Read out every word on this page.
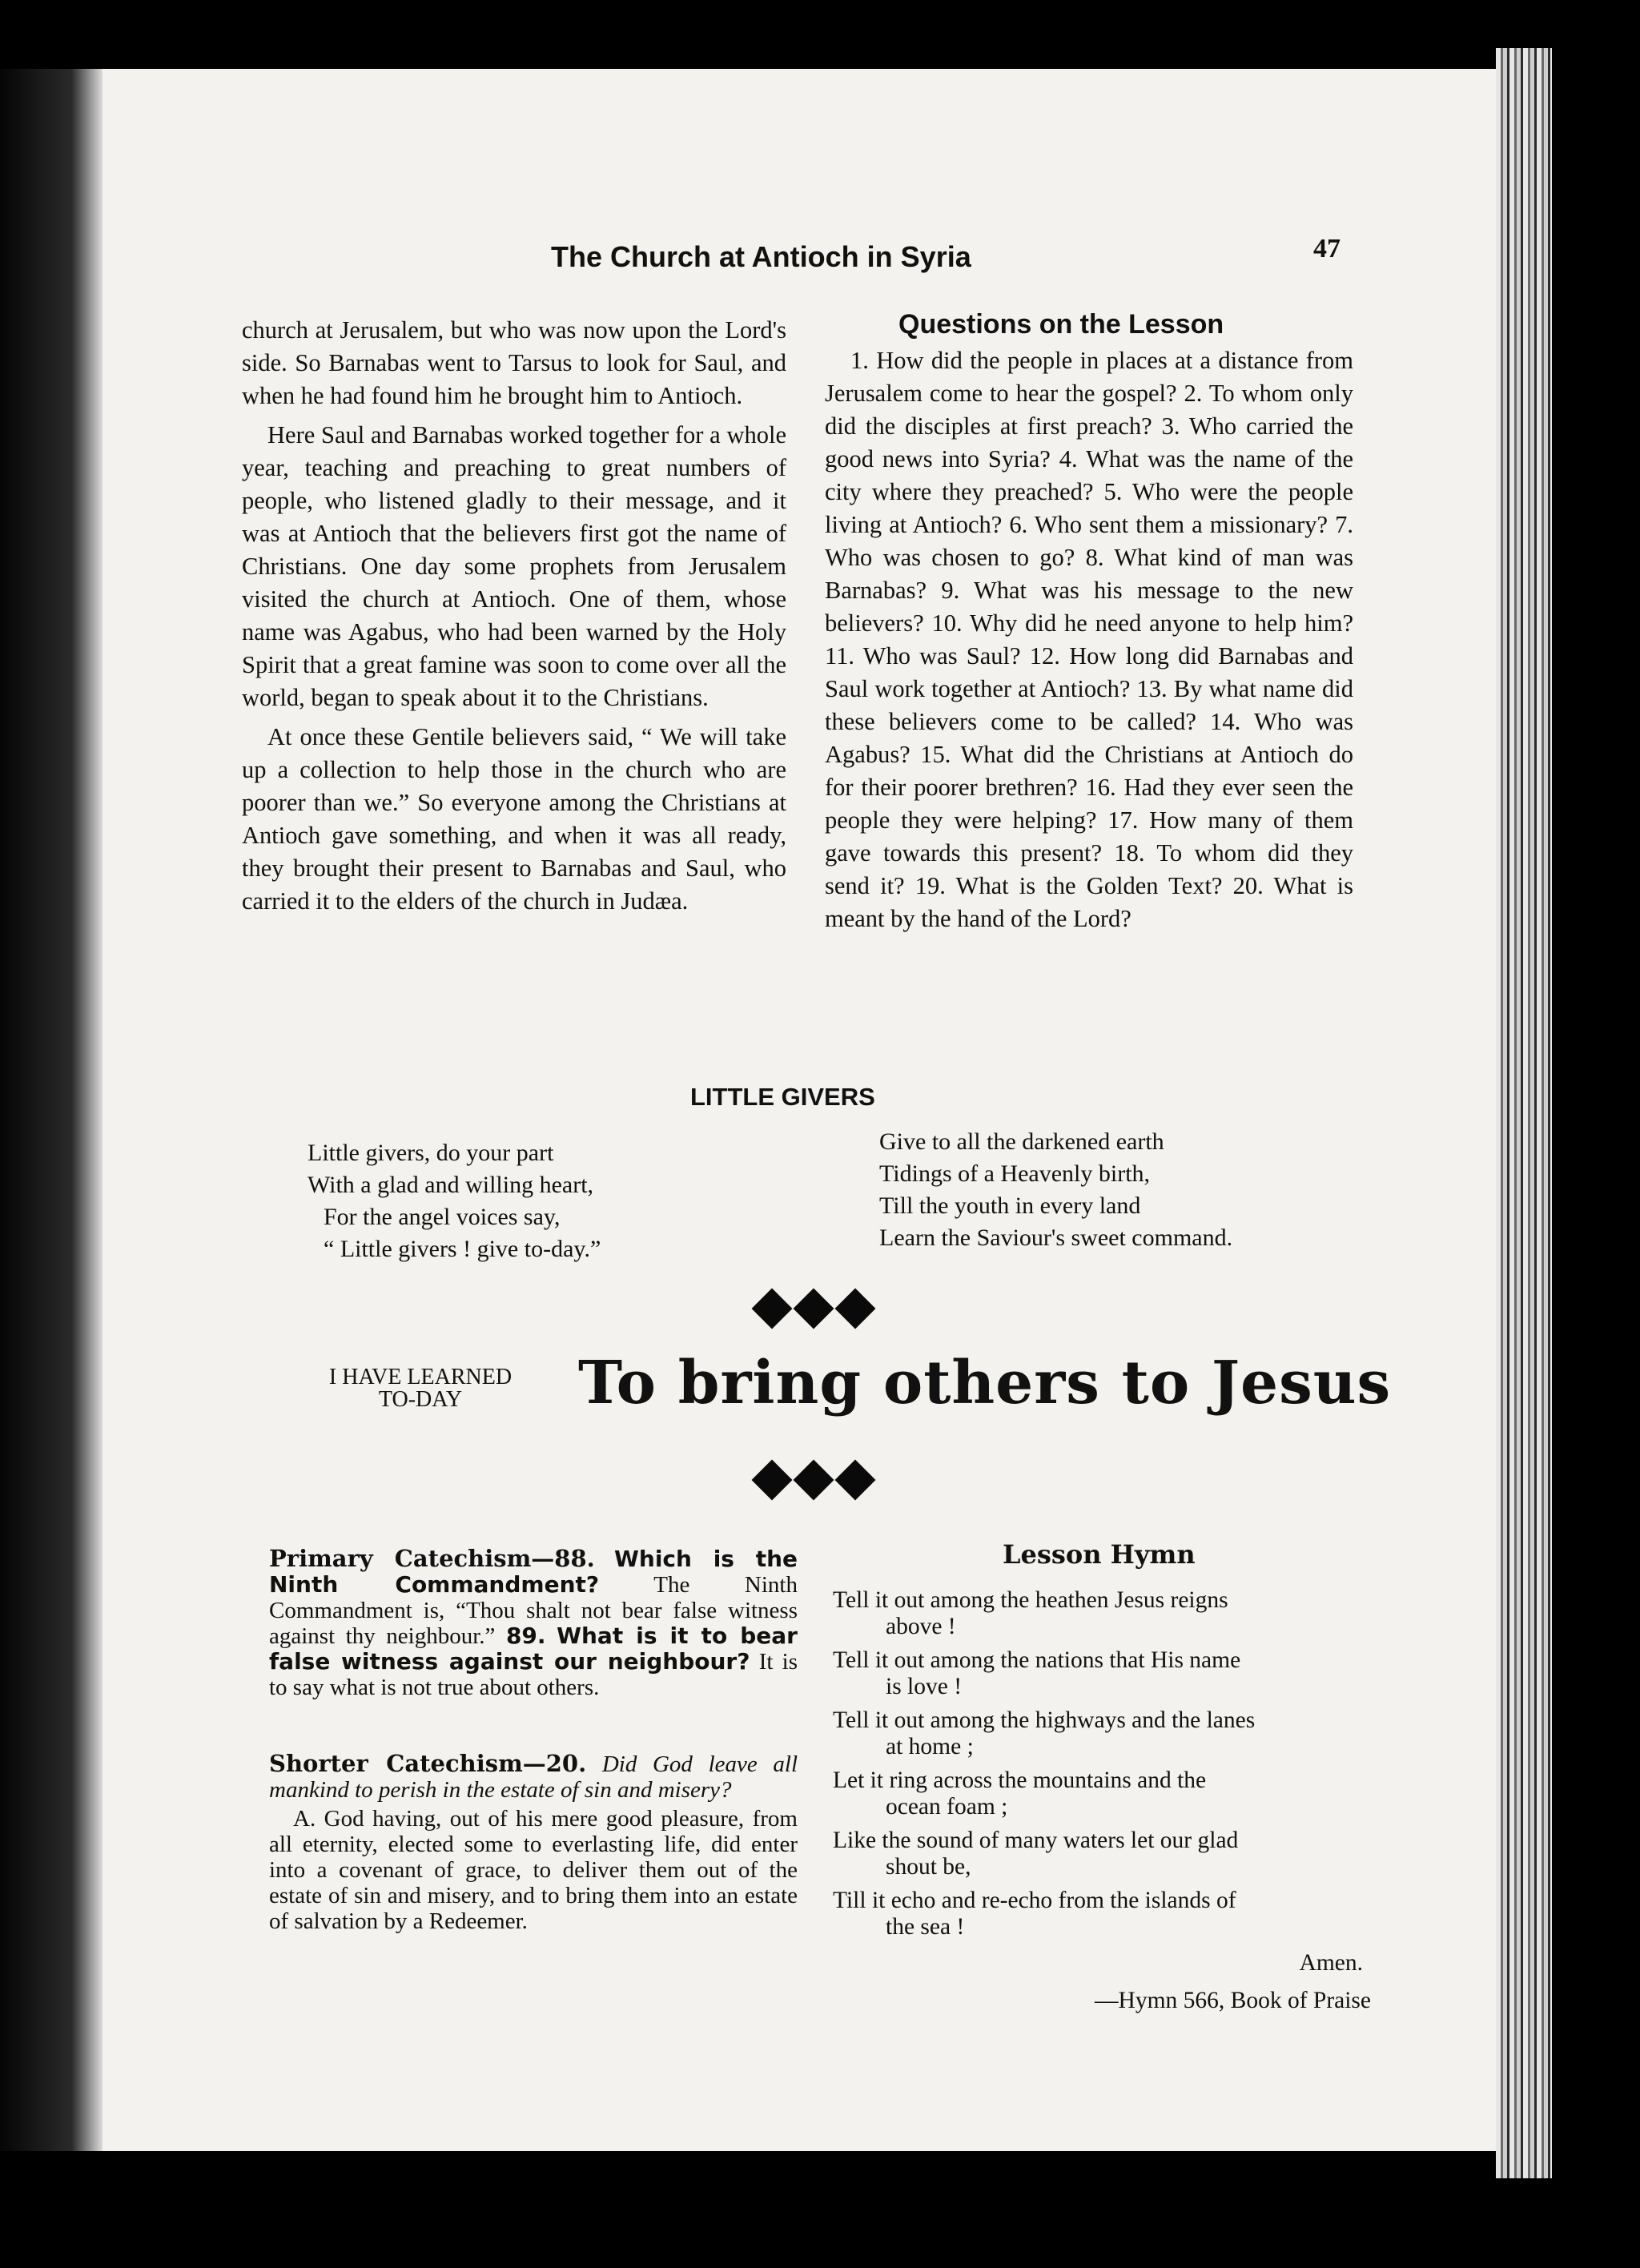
The Church at Antioch in Syria	47

church at Jerusalem, but who was now upon the Lord's side. So Barnabas went to Tarsus to look for Saul, and when he had found him he brought him to Antioch.

Here Saul and Barnabas worked together for a whole year, teaching and preaching to great numbers of people, who listened gladly to their message, and it was at Antioch that the believers first got the name of Christians. One day some prophets from Jerusalem visited the church at Antioch. One of them, whose name was Agabus, who had been warned by the Holy Spirit that a great famine was soon to come over all the world, began to speak about it to the Christians.

At once these Gentile believers said, “ We will take up a collection to help those in the church who are poorer than we.” So everyone among the Christians at Antioch gave something, and when it was all ready, they brought their present to Barnabas and Saul, who carried it to the elders of the church in Judæa.

Questions on the Lesson

1. How did the people in places at a distance from Jerusalem come to hear the gospel? 2. To whom only did the disciples at first preach? 3. Who carried the good news into Syria? 4. What was the name of the city where they preached? 5. Who were the people living at Antioch? 6. Who sent them a missionary? 7. Who was chosen to go? 8. What kind of man was Barnabas? 9. What was his message to the new believers? 10. Why did he need anyone to help him? 11. Who was Saul? 12. How long did Barnabas and Saul work together at Antioch? 13. By what name did these believers come to be called? 14. Who was Agabus? 15. What did the Christians at Antioch do for their poorer brethren? 16. Had they ever seen the people they were helping? 17. How many of them gave towards this present? 18. To whom did they send it? 19. What is the Golden Text? 20. What is meant by the hand of the Lord?

LITTLE GIVERS
Little givers, do your part
With a glad and willing heart,
For the angel voices say,
“ Little givers ! give to-day.”
Give to all the darkened earth
Tidings of a Heavenly birth,
Till the youth in every land
Learn the Saviour's sweet command.
I HAVE LEARNED
TO-DAY	To bring others to Jesus
Primary Catechism—88. Which is the Ninth Commandment? The Ninth Commandment is, “Thou shalt not bear false witness against thy neighbour.” 89. What is it to bear false witness against our neighbour? It is to say what is not true about others.
Shorter Catechism—20. Did God leave all mankind to perish in the estate of sin and misery?
A. God having, out of his mere good pleasure, from all eternity, elected some to everlasting life, did enter into a covenant of grace, to deliver them out of the estate of sin and misery, and to bring them into an estate of salvation by a Redeemer.
Lesson Hymn
Tell it out among the heathen Jesus reigns
above !
Tell it out among the nations that His name
is love !
Tell it out among the highways and the lanes
at home ;
Let it ring across the mountains and the
ocean foam ;
Like the sound of many waters let our glad
shout be,
Till it echo and re-echo from the islands of
the sea !
Amen.
—Hymn 566, Book of Praise
